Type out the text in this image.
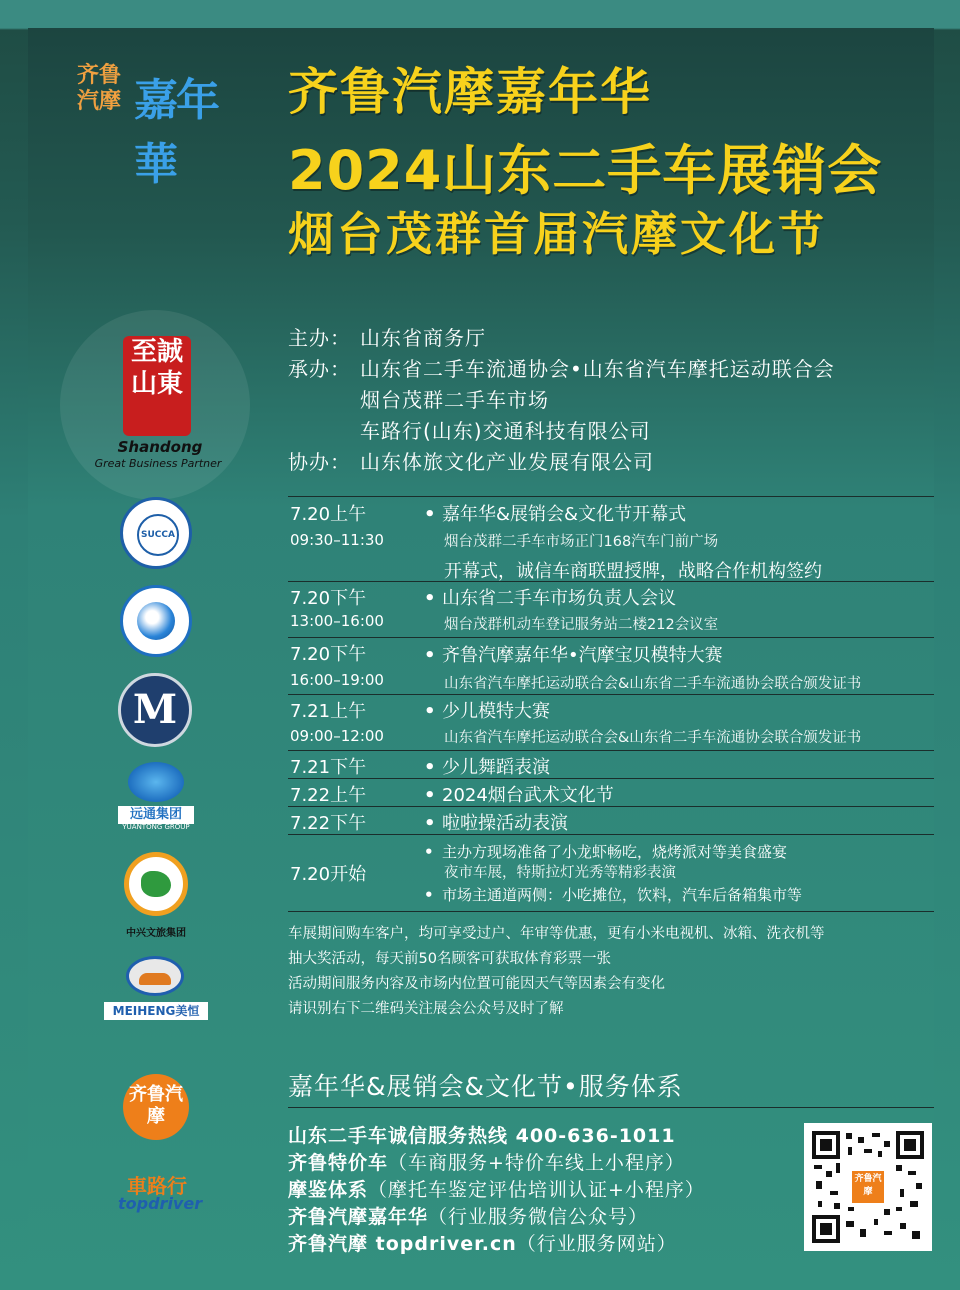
齐鲁汽摩 嘉年華
齐鲁汽摩嘉年华
2024山东二手车展销会
烟台茂群首届汽摩文化节
至誠山東
Shandong
Great Business Partner
SUCCA
M
远通集团
YUANTONG GROUP
中兴文旅集团
MEIHENG美恒
齐鲁汽摩
車路行
topdriver
主办： 山东省商务厅
承办： 山东省二手车流通协会•山东省汽车摩托运动联合会
烟台茂群二手车市场
车路行(山东)交通科技有限公司
协办： 山东体旅文化产业发展有限公司
7.20上午
09:30–11:30
• 嘉年华&展销会&文化节开幕式
烟台茂群二手车市场正门168汽车门前广场
开幕式，诚信车商联盟授牌，战略合作机构签约
7.20下午
13:00–16:00
• 山东省二手车市场负责人会议
烟台茂群机动车登记服务站二楼212会议室
7.20下午
16:00–19:00
• 齐鲁汽摩嘉年华•汽摩宝贝模特大赛
山东省汽车摩托运动联合会&山东省二手车流通协会联合颁发证书
7.21上午
09:00–12:00
• 少儿模特大赛
山东省汽车摩托运动联合会&山东省二手车流通协会联合颁发证书
7.21下午	• 少儿舞蹈表演
7.22上午	• 2024烟台武术文化节
7.22下午	• 啦啦操活动表演
7.20开始
• 主办方现场准备了小龙虾畅吃，烧烤派对等美食盛宴
夜市车展，特斯拉灯光秀等精彩表演
• 市场主通道两侧：小吃摊位，饮料，汽车后备箱集市等
车展期间购车客户，均可享受过户、年审等优惠，更有小米电视机、冰箱、洗衣机等
抽大奖活动，每天前50名顾客可获取体育彩票一张
活动期间服务内容及市场内位置可能因天气等因素会有变化
请识别右下二维码关注展会公众号及时了解
嘉年华&展销会&文化节•服务体系
山东二手车诚信服务热线 400-636-1011
齐鲁特价车（车商服务+特价车线上小程序）
摩鉴体系（摩托车鉴定评估培训认证+小程序）
齐鲁汽摩嘉年华（行业服务微信公众号）
齐鲁汽摩 topdriver.cn（行业服务网站）
齐鲁汽摩
